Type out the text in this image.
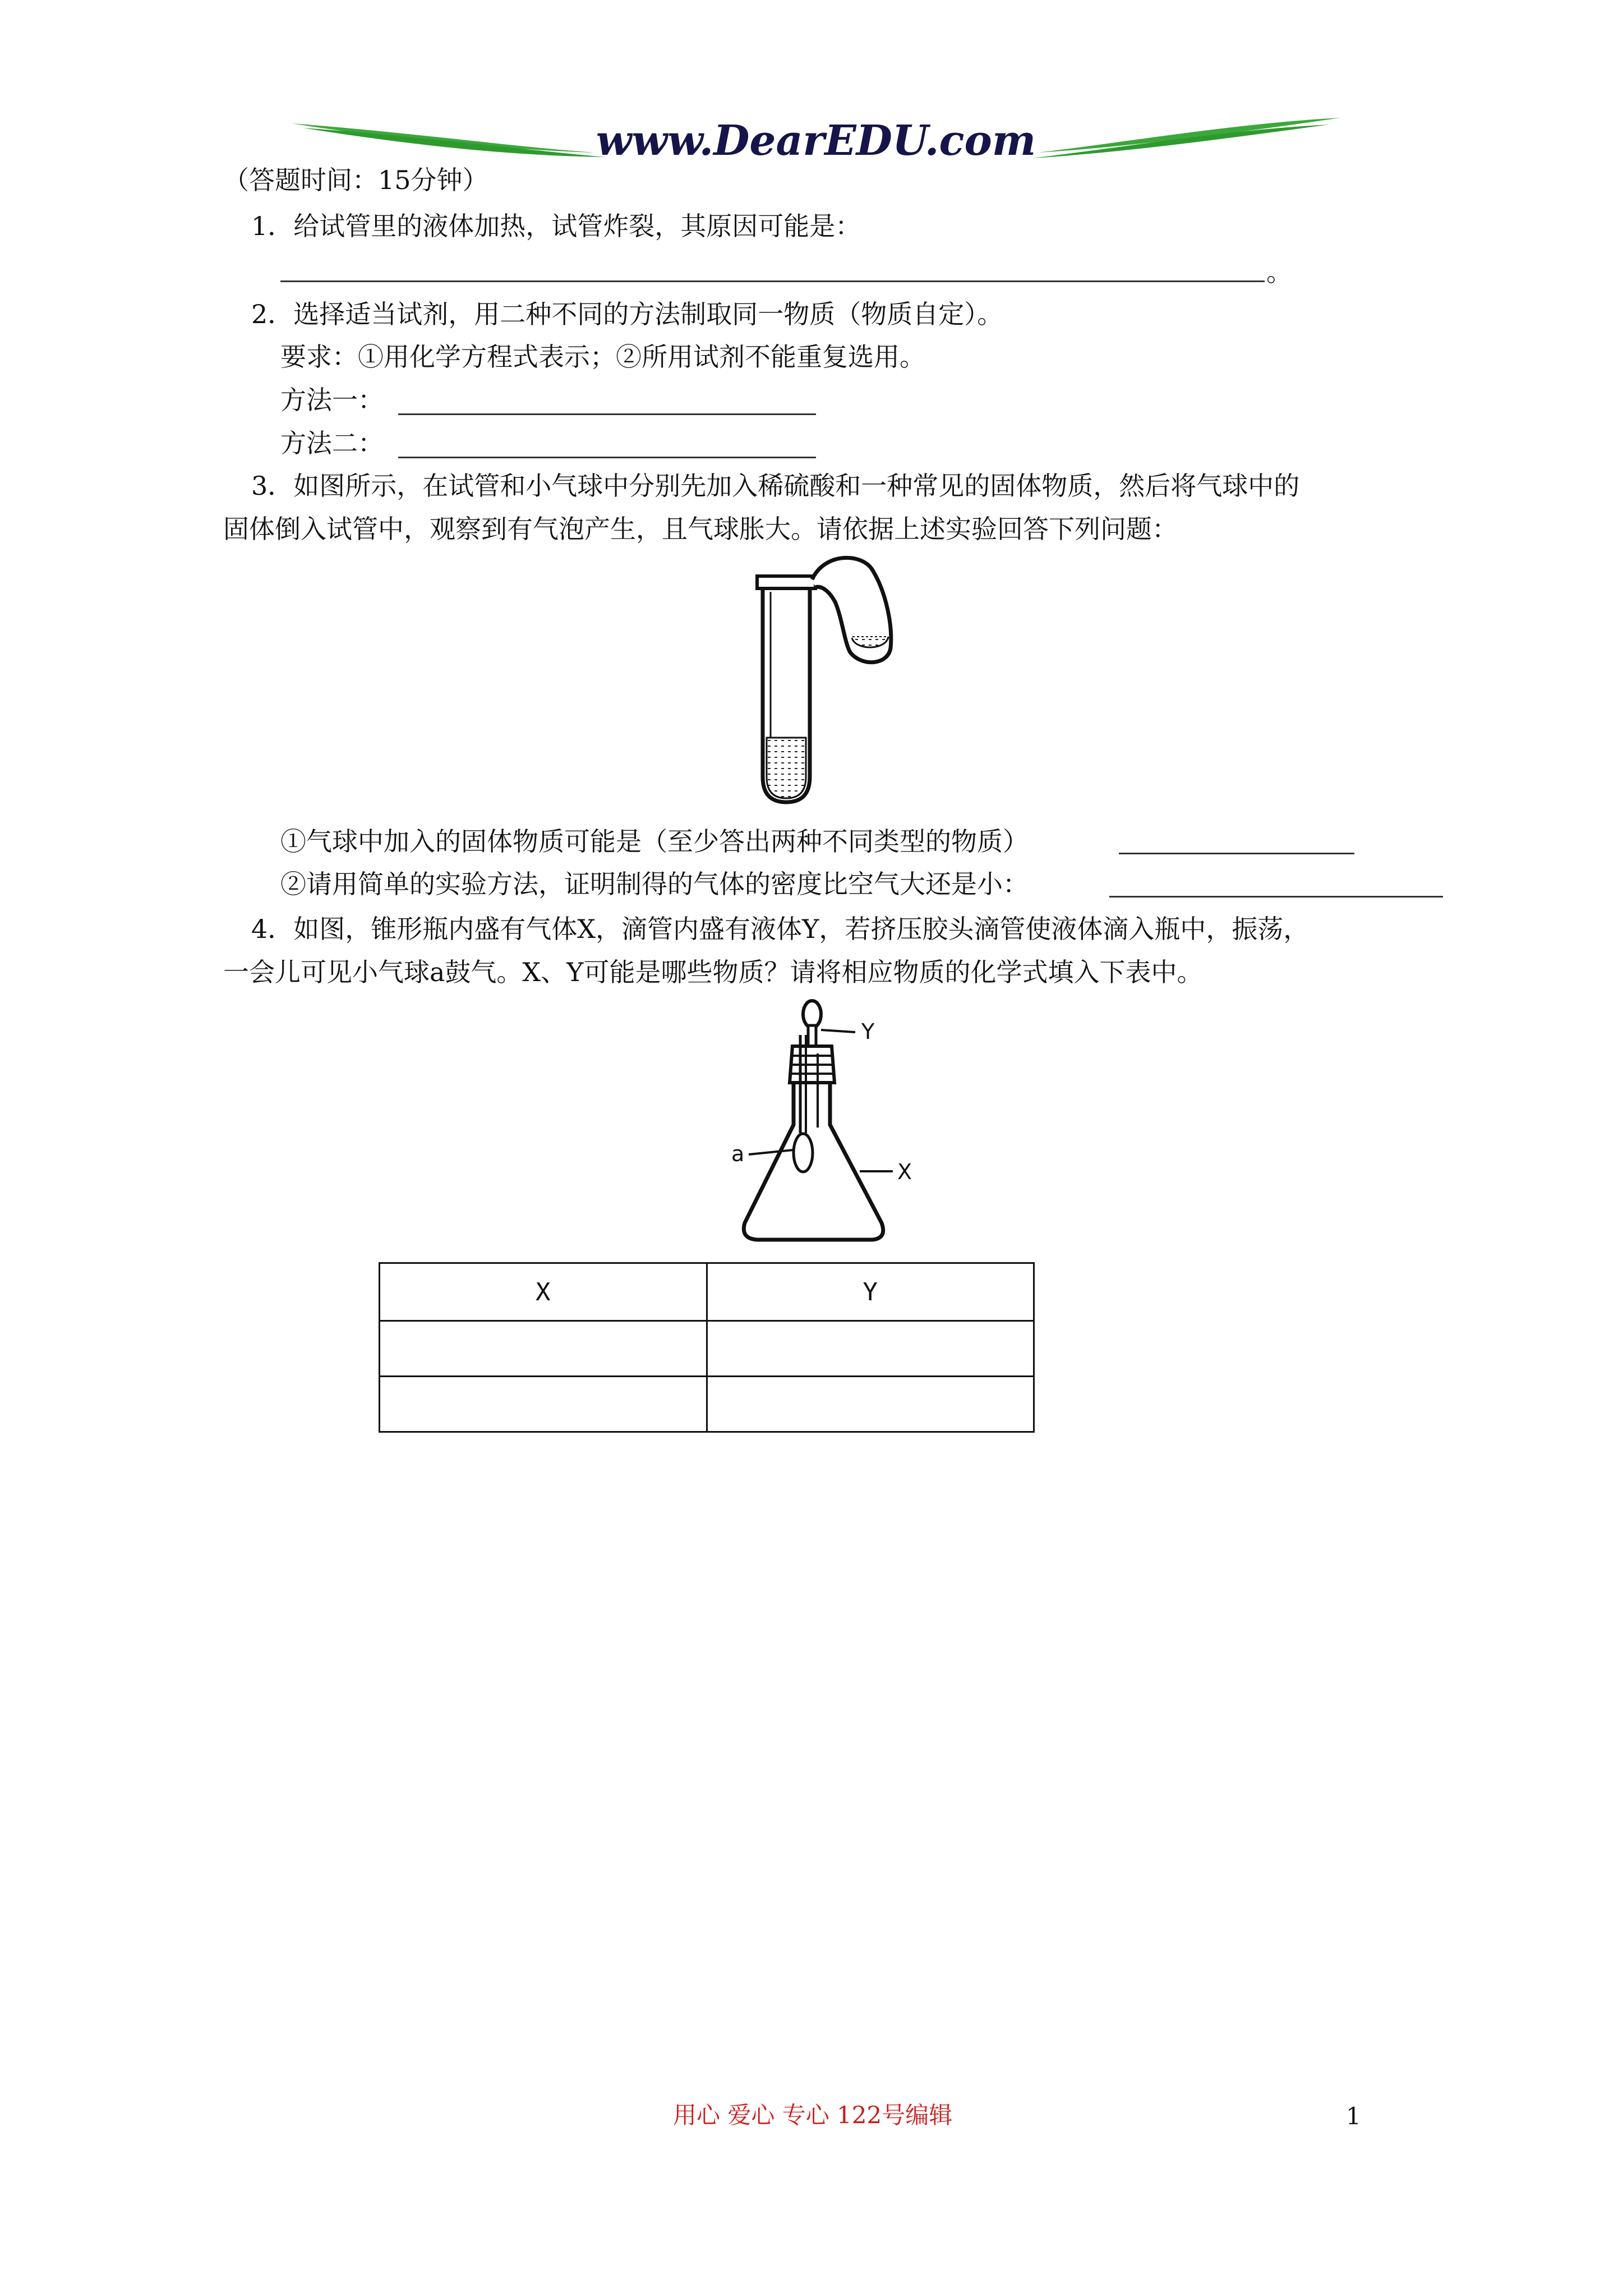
www.DearEDU.com
（答题时间：15分钟）
1．给试管里的液体加热，试管炸裂，其原因可能是：
。
2．选择适当试剂，用二种不同的方法制取同一物质（物质自定）。
要求：①用化学方程式表示；②所用试剂不能重复选用。
方法一：
方法二：
3．如图所示，在试管和小气球中分别先加入稀硫酸和一种常见的固体物质，然后将气球中的
固体倒入试管中，观察到有气泡产生，且气球胀大。请依据上述实验回答下列问题：
①气球中加入的固体物质可能是（至少答出两种不同类型的物质）
②请用简单的实验方法，证明制得的气体的密度比空气大还是小：
4．如图，锥形瓶内盛有气体X，滴管内盛有液体Y，若挤压胶头滴管使液体滴入瓶中，振荡，
一会儿可见小气球a鼓气。X、Y可能是哪些物质？请将相应物质的化学式填入下表中。
Y
a
X
X	Y

用心 爱心 专心 122号编辑	1
